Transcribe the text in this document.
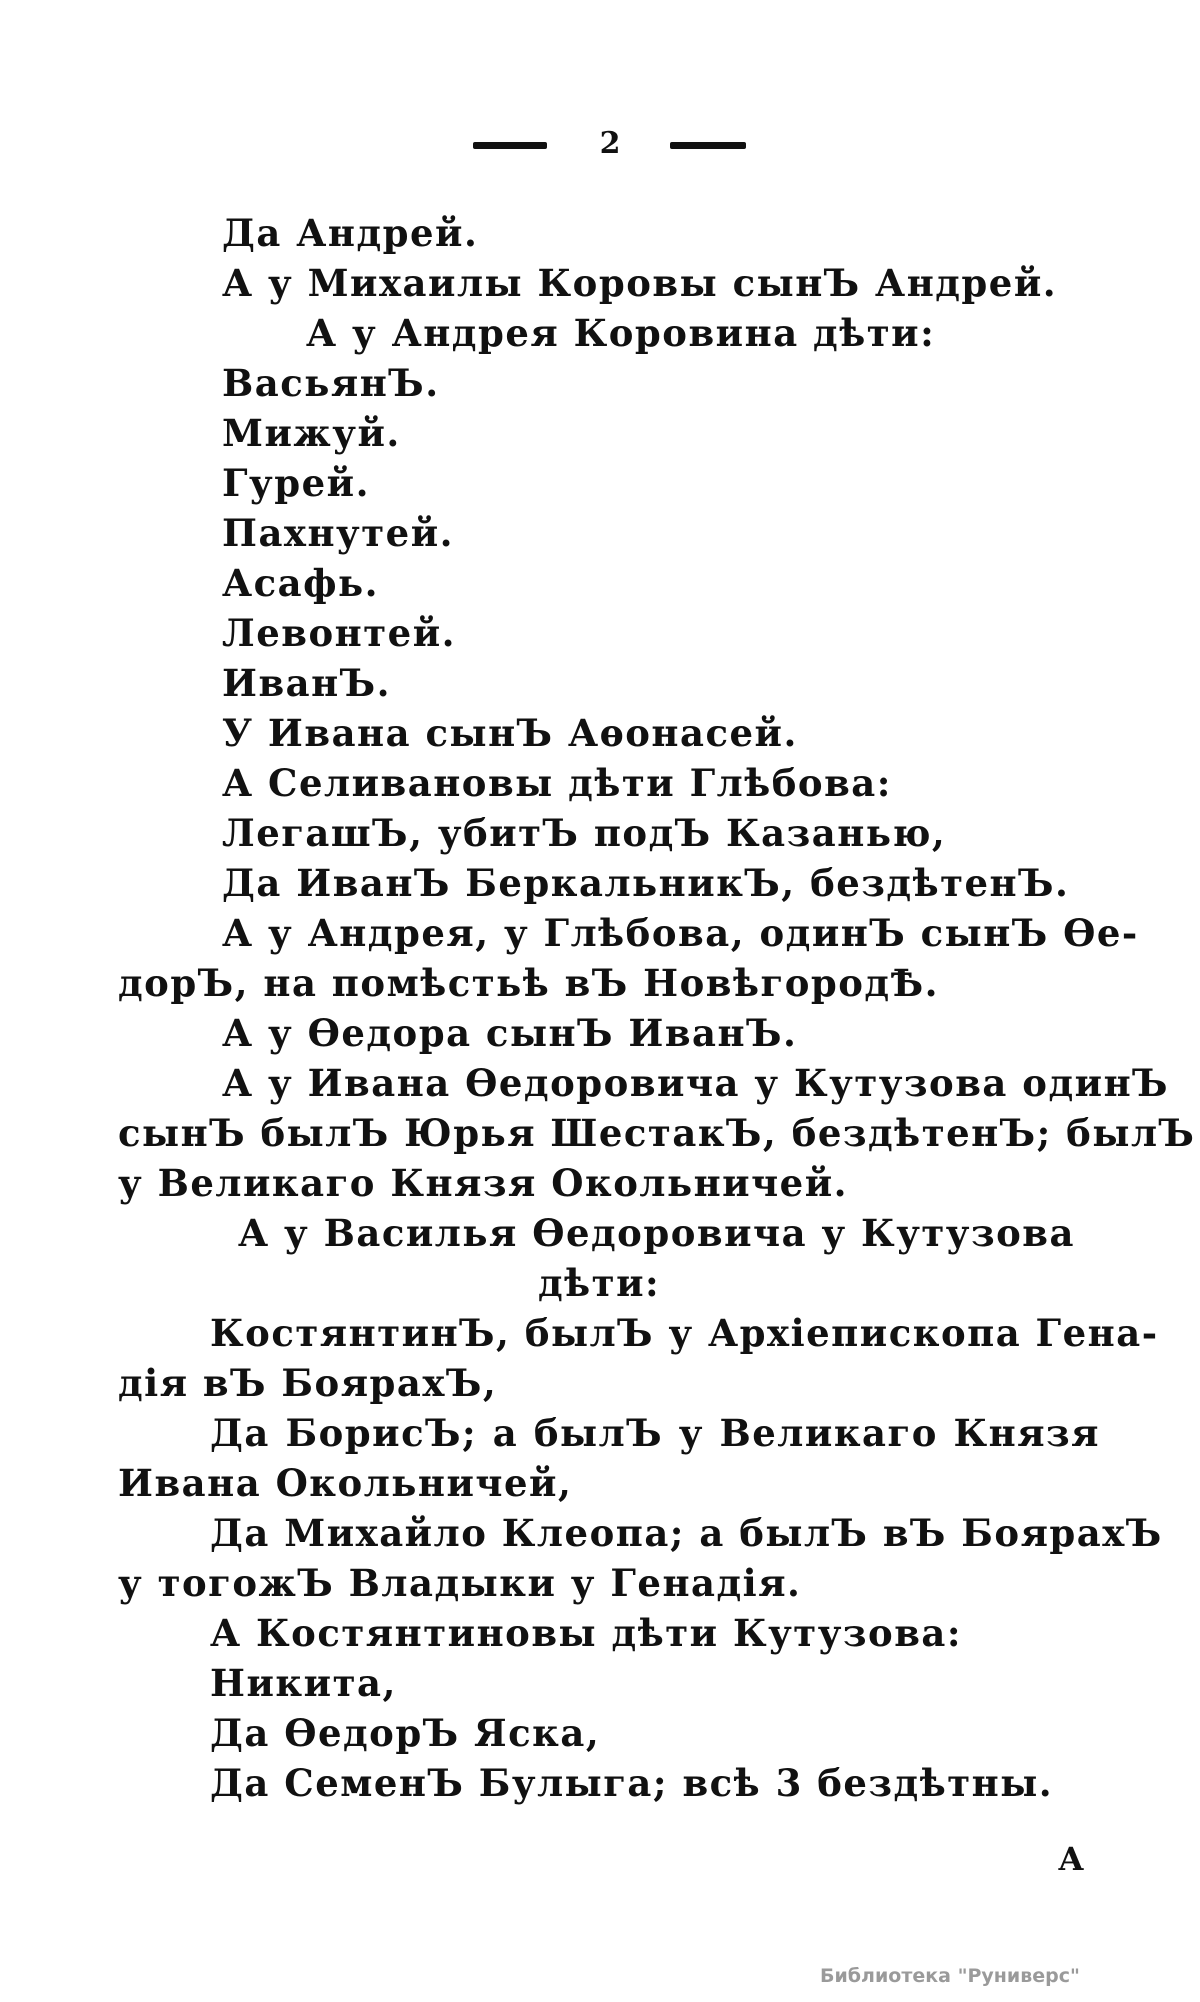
2
Да Андрей.
А у Михаилы Коровы сынЪ Андрей.
А у Андрея Коровина дѣти:
ВасьянЪ.
Мижуй.
Гурей.
Пахнутей.
Асафь.
Левонтей.
ИванЪ.
У Ивана сынЪ Аѳонасей.
А Селивановы дѣти Глѣбова:
ЛегашЪ, убитЪ подЪ Казанью,
Да ИванЪ БеркальникЪ, бездѣтенЪ.
А у Андрея, у Глѣбова, одинЪ сынЪ Ѳе-
дорЪ, на помѣстьѣ вЪ НовѣгородѢ.
А у Ѳедора сынЪ ИванЪ.
А у Ивана Ѳедоровича у Кутузова одинЪ
сынЪ былЪ Юрья ШестакЪ, бездѣтенЪ; былЪ
у Великаго Князя Окольничей.
А у Василья Ѳедоровича у Кутузова
дѣти:
КостянтинЪ, былЪ у Архіепископа Гена-
дія вЪ БоярахЪ,
Да БорисЪ; а былЪ у Великаго Князя
Ивана Окольничей,
Да Михайло Клеопа; а былЪ вЪ БоярахЪ
у тогожЪ Владыки у Генадія.
А Костянтиновы дѣти Кутузова:
Никита,
Да ѲедорЪ Яска,
Да СеменЪ Булыга; всѣ 3 бездѣтны.
А
Библиотека "Руниверс"
